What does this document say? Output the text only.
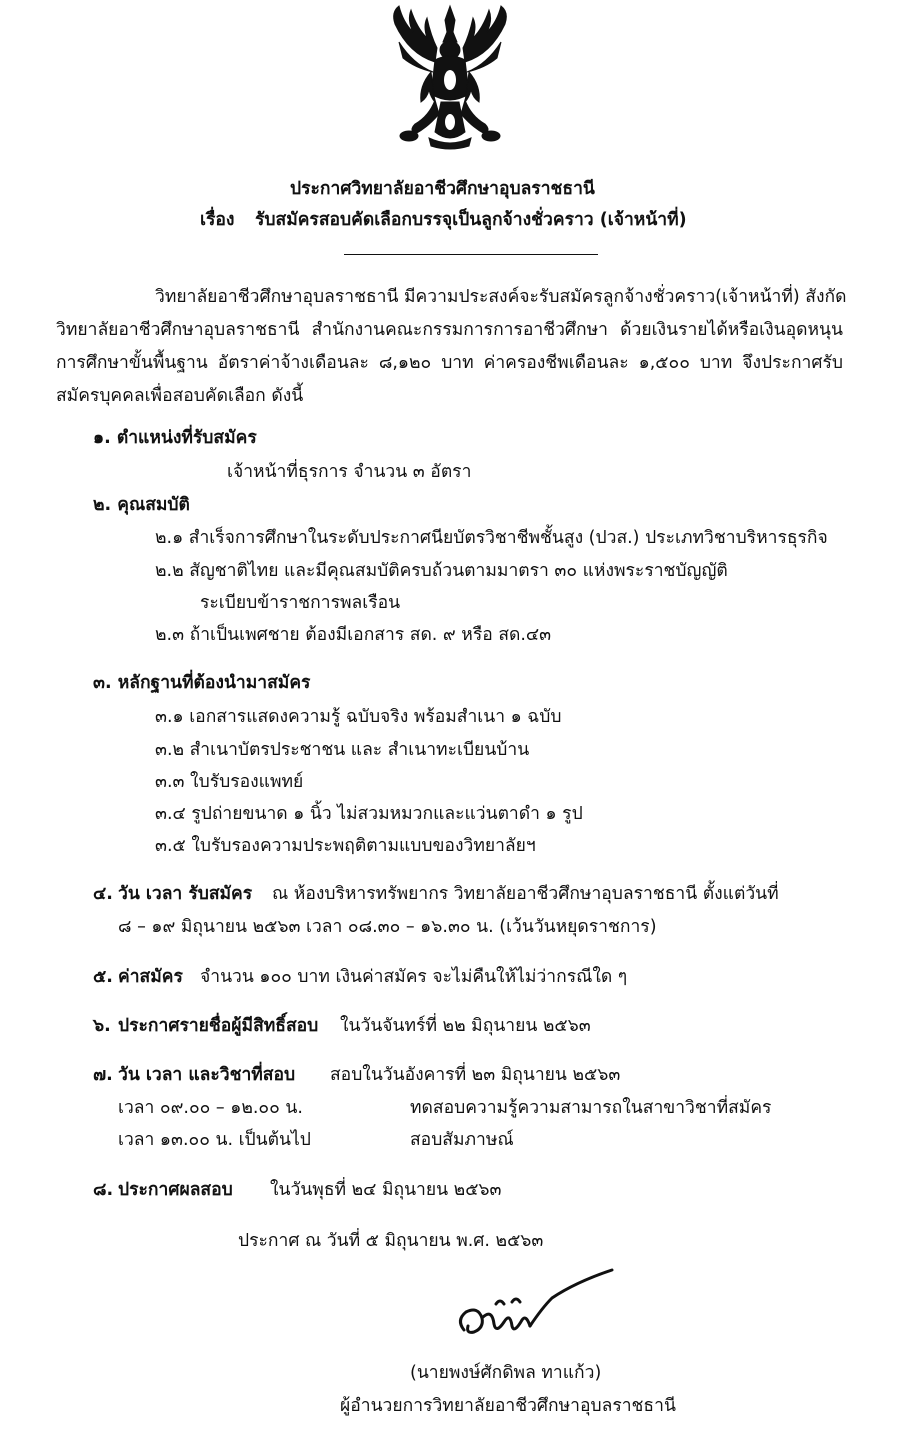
ประกาศวิทยาลัยอาชีวศึกษาอุบลราชธานี
เรื่อง รับสมัครสอบคัดเลือกบรรจุเป็นลูกจ้างชั่วคราว (เจ้าหน้าที่)
วิทยาลัยอาชีวศึกษาอุบลราชธานี มีความประสงค์จะรับสมัครลูกจ้างชั่วคราว(เจ้าหน้าที่) สังกัด
วิทยาลัยอาชีวศึกษาอุบลราชธานี สำนักงานคณะกรรมการการอาชีวศึกษา ด้วยเงินรายได้หรือเงินอุดหนุน
การศึกษาขั้นพื้นฐาน อัตราค่าจ้างเดือนละ ๘,๑๒๐ บาท ค่าครองชีพเดือนละ ๑,๕๐๐ บาท จึงประกาศรับ
สมัครบุคคลเพื่อสอบคัดเลือก ดังนี้
๑. ตำแหน่งที่รับสมัคร
เจ้าหน้าที่ธุรการ จำนวน ๓ อัตรา
๒. คุณสมบัติ
๒.๑ สำเร็จการศึกษาในระดับประกาศนียบัตรวิชาชีพชั้นสูง (ปวส.) ประเภทวิชาบริหารธุรกิจ
๒.๒ สัญชาติไทย และมีคุณสมบัติครบถ้วนตามมาตรา ๓๐ แห่งพระราชบัญญัติ
ระเบียบข้าราชการพลเรือน
๒.๓ ถ้าเป็นเพศชาย ต้องมีเอกสาร สด. ๙ หรือ สด.๔๓
๓. หลักฐานที่ต้องนำมาสมัคร
๓.๑ เอกสารแสดงความรู้ ฉบับจริง พร้อมสำเนา ๑ ฉบับ
๓.๒ สำเนาบัตรประชาชน และ สำเนาทะเบียนบ้าน
๓.๓ ใบรับรองแพทย์
๓.๔ รูปถ่ายขนาด ๑ นิ้ว ไม่สวมหมวกและแว่นตาดำ ๑ รูป
๓.๕ ใบรับรองความประพฤติตามแบบของวิทยาลัยฯ
๔. วัน เวลา รับสมัคร ณ ห้องบริหารทรัพยากร วิทยาลัยอาชีวศึกษาอุบลราชธานี ตั้งแต่วันที่
๘ – ๑๙ มิถุนายน ๒๕๖๓ เวลา ๐๘.๓๐ – ๑๖.๓๐ น. (เว้นวันหยุดราชการ)
๕. ค่าสมัคร จำนวน ๑๐๐ บาท เงินค่าสมัคร จะไม่คืนให้ไม่ว่ากรณีใด ๆ
๖. ประกาศรายชื่อผู้มีสิทธิ์สอบ ในวันจันทร์ที่ ๒๒ มิถุนายน ๒๕๖๓
๗. วัน เวลา และวิชาที่สอบ สอบในวันอังคารที่ ๒๓ มิถุนายน ๒๕๖๓
เวลา ๐๙.๐๐ – ๑๒.๐๐ น.	ทดสอบความรู้ความสามารถในสาขาวิชาที่สมัคร
เวลา ๑๓.๐๐ น. เป็นต้นไป	สอบสัมภาษณ์
๘. ประกาศผลสอบ ในวันพุธที่ ๒๔ มิถุนายน ๒๕๖๓
ประกาศ ณ วันที่ ๕ มิถุนายน พ.ศ. ๒๕๖๓
(นายพงษ์ศักดิพล ทาแก้ว)
ผู้อำนวยการวิทยาลัยอาชีวศึกษาอุบลราชธานี
